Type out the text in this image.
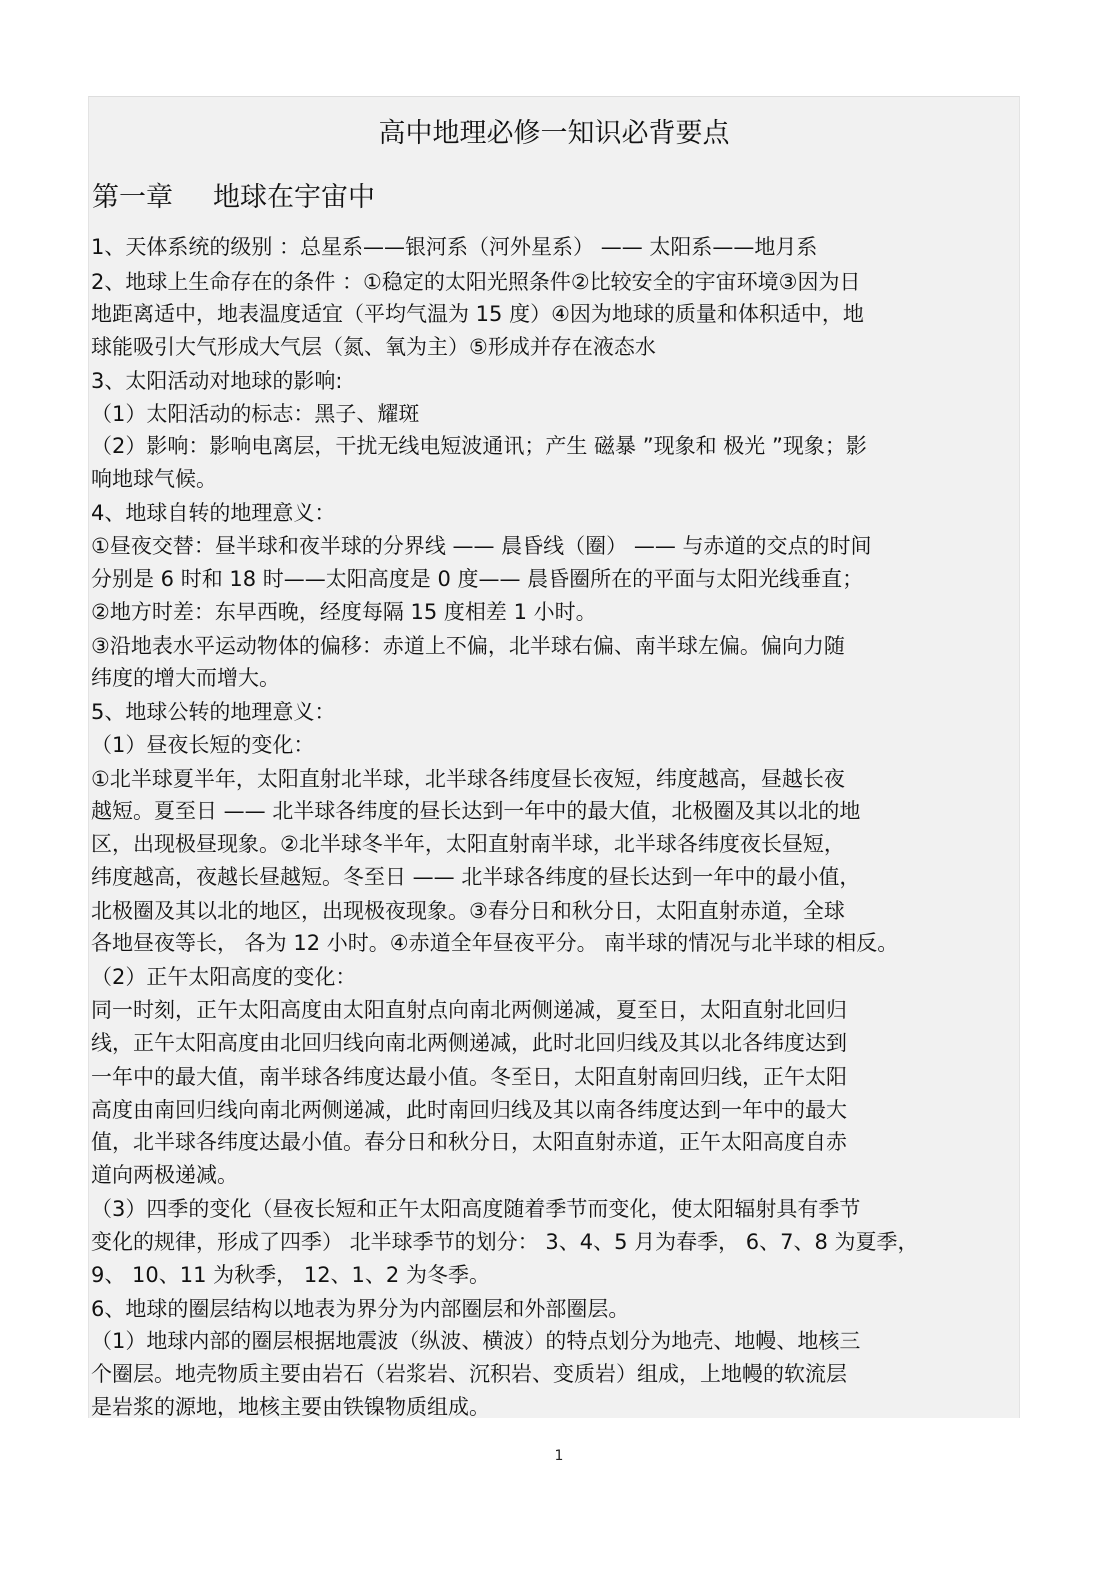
高中地理必修一知识必背要点
第一章 地球在宇宙中
1、天体系统的级别 ：总星系——银河系（河外星系） —— 太阳系——地月系
2、地球上生命存在的条件 ：①稳定的太阳光照条件②比较安全的宇宙环境③因为日
地距离适中，地表温度适宜（平均气温为 15 度）④因为地球的质量和体积适中，地
球能吸引大气形成大气层（氮、氧为主）⑤形成并存在液态水
3、太阳活动对地球的影响:
（1）太阳活动的标志：黑子、耀斑
（2）影响：影响电离层，干扰无线电短波通讯；产生 磁暴 ”现象和 极光 ”现象；影
响地球气候。
4、地球自转的地理意义：
①昼夜交替：昼半球和夜半球的分界线 —— 晨昏线（圈） —— 与赤道的交点的时间
分别是 6 时和 18 时——太阳高度是 0 度—— 晨昏圈所在的平面与太阳光线垂直；
②地方时差：东早西晚，经度每隔 15 度相差 1 小时。
③沿地表水平运动物体的偏移：赤道上不偏，北半球右偏、南半球左偏。偏向力随
纬度的增大而增大。
5、地球公转的地理意义：
（1）昼夜长短的变化：
①北半球夏半年，太阳直射北半球，北半球各纬度昼长夜短，纬度越高，昼越长夜
越短。夏至日 —— 北半球各纬度的昼长达到一年中的最大值，北极圈及其以北的地
区，出现极昼现象。②北半球冬半年，太阳直射南半球，北半球各纬度夜长昼短，
纬度越高，夜越长昼越短。冬至日 —— 北半球各纬度的昼长达到一年中的最小值，
北极圈及其以北的地区，出现极夜现象。③春分日和秋分日，太阳直射赤道，全球
各地昼夜等长， 各为 12 小时。④赤道全年昼夜平分。 南半球的情况与北半球的相反。
（2）正午太阳高度的变化：
同一时刻，正午太阳高度由太阳直射点向南北两侧递减，夏至日，太阳直射北回归
线，正午太阳高度由北回归线向南北两侧递减，此时北回归线及其以北各纬度达到
一年中的最大值，南半球各纬度达最小值。冬至日，太阳直射南回归线，正午太阳
高度由南回归线向南北两侧递减，此时南回归线及其以南各纬度达到一年中的最大
值，北半球各纬度达最小值。春分日和秋分日，太阳直射赤道，正午太阳高度自赤
道向两极递减。
（3）四季的变化（昼夜长短和正午太阳高度随着季节而变化，使太阳辐射具有季节
变化的规律，形成了四季） 北半球季节的划分： 3、4、5 月为春季， 6、7、8 为夏季，
9、 10、11 为秋季， 12、1、2 为冬季。
6、地球的圈层结构以地表为界分为内部圈层和外部圈层。
（1）地球内部的圈层根据地震波（纵波、横波）的特点划分为地壳、地幔、地核三
个圈层。地壳物质主要由岩石（岩浆岩、沉积岩、变质岩）组成，上地幔的软流层
是岩浆的源地，地核主要由铁镍物质组成。
1
